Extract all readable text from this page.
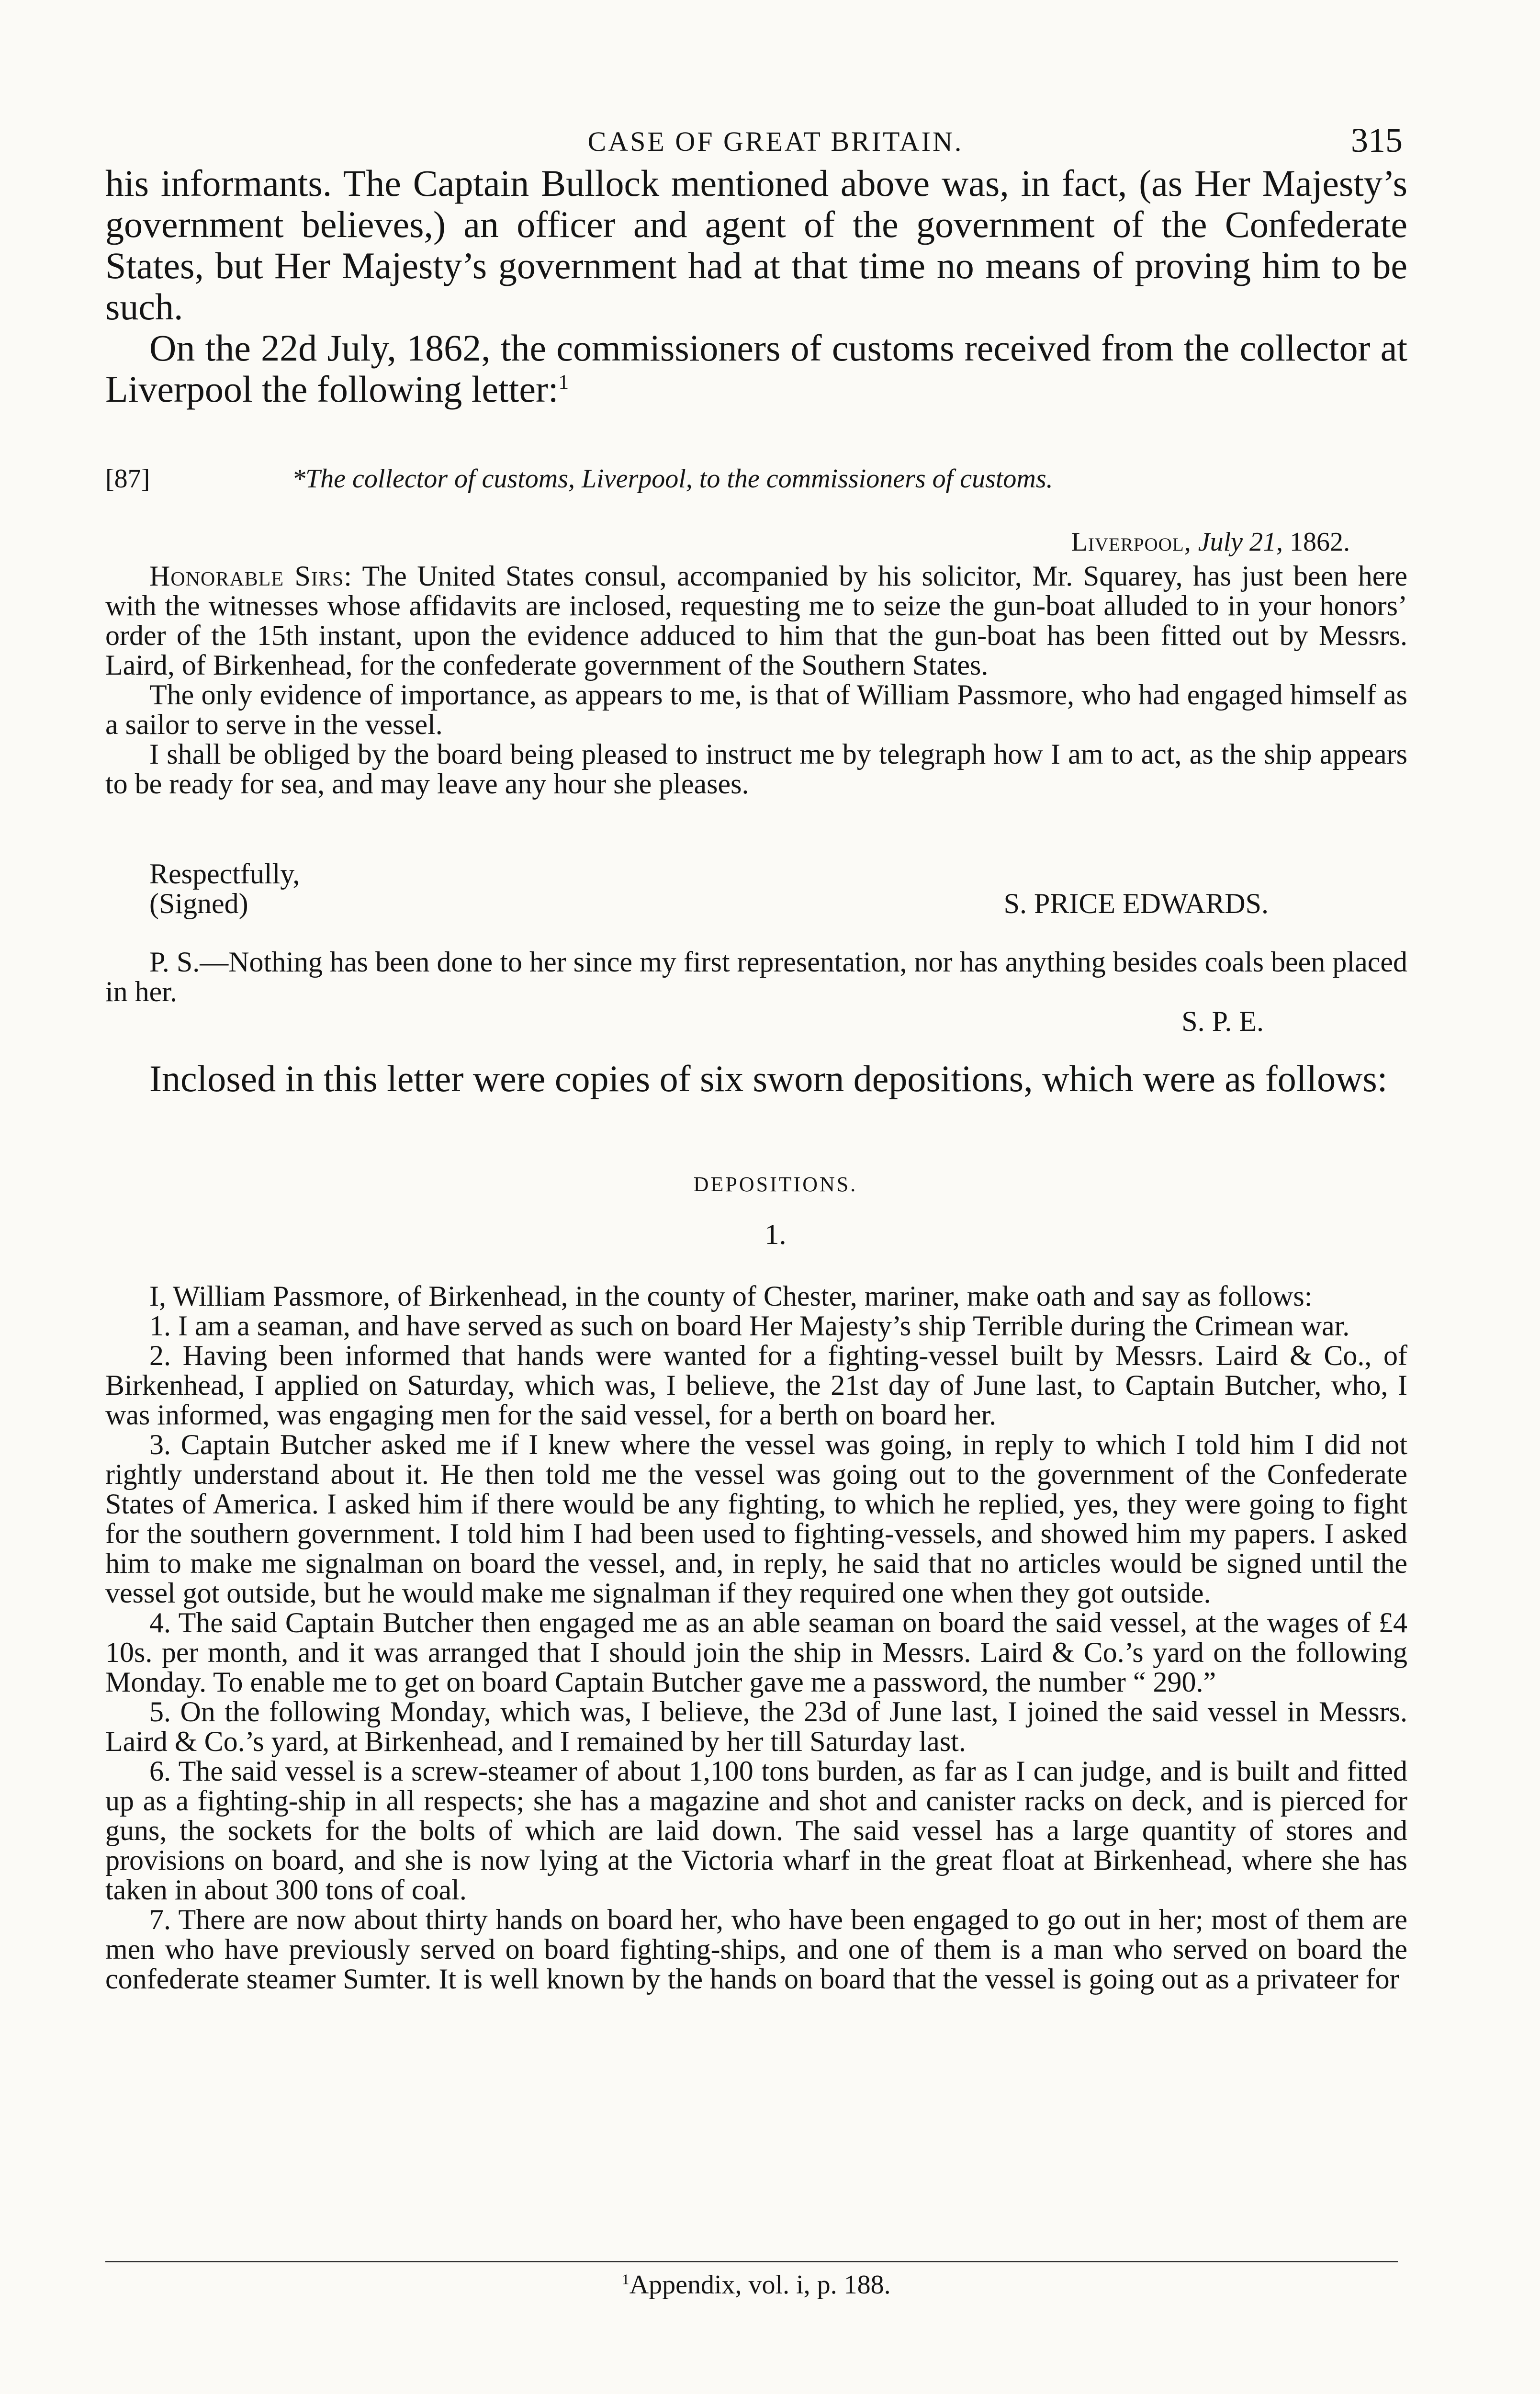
CASE OF GREAT BRITAIN.	315

his informants. The Captain Bullock mentioned above was, in fact, (as Her Majesty’s government believes,) an officer and agent of the government of the Confederate States, but Her Majesty’s government had at that time no means of proving him to be such.

On the 22d July, 1862, the commissioners of customs received from the collector at Liverpool the following letter:$^1$

[87]	*The collector of customs, Liverpool, to the commissioners of customs.
Liverpool, July 21, 1862.

Honorable Sirs: The United States consul, accompanied by his solicitor, Mr. Squarey, has just been here with the witnesses whose affidavits are inclosed, requesting me to seize the gun-boat alluded to in your honors’ order of the 15th instant, upon the evidence adduced to him that the gun-boat has been fitted out by Messrs. Laird, of Birkenhead, for the confederate government of the Southern States.

The only evidence of importance, as appears to me, is that of William Passmore, who had engaged himself as a sailor to serve in the vessel.

I shall be obliged by the board being pleased to instruct me by telegraph how I am to act, as the ship appears to be ready for sea, and may leave any hour she pleases.

Respectfully,
(Signed)	S. PRICE EDWARDS.

P. S.—Nothing has been done to her since my first representation, nor has anything besides coals been placed in her.

S. P. E.

Inclosed in this letter were copies of six sworn depositions, which were as follows:

DEPOSITIONS.
1.

I, William Passmore, of Birkenhead, in the county of Chester, mariner, make oath and say as follows:

1. I am a seaman, and have served as such on board Her Majesty’s ship Terrible during the Crimean war.

2. Having been informed that hands were wanted for a fighting-vessel built by Messrs. Laird & Co., of Birkenhead, I applied on Saturday, which was, I believe, the 21st day of June last, to Captain Butcher, who, I was informed, was engaging men for the said vessel, for a berth on board her.

3. Captain Butcher asked me if I knew where the vessel was going, in reply to which I told him I did not rightly understand about it. He then told me the vessel was going out to the government of the Confederate States of America. I asked him if there would be any fighting, to which he replied, yes, they were going to fight for the southern government. I told him I had been used to fighting-vessels, and showed him my papers. I asked him to make me signalman on board the vessel, and, in reply, he said that no articles would be signed until the vessel got outside, but he would make me signalman if they required one when they got outside.

4. The said Captain Butcher then engaged me as an able seaman on board the said vessel, at the wages of £4 10s. per month, and it was arranged that I should join the ship in Messrs. Laird & Co.’s yard on the following Monday. To enable me to get on board Captain Butcher gave me a password, the number “ 290.”

5. On the following Monday, which was, I believe, the 23d of June last, I joined the said vessel in Messrs. Laird & Co.’s yard, at Birkenhead, and I remained by her till Saturday last.

6. The said vessel is a screw-steamer of about 1,100 tons burden, as far as I can judge, and is built and fitted up as a fighting-ship in all respects; she has a magazine and shot and canister racks on deck, and is pierced for guns, the sockets for the bolts of which are laid down. The said vessel has a large quantity of stores and provisions on board, and she is now lying at the Victoria wharf in the great float at Birkenhead, where she has taken in about 300 tons of coal.

7. There are now about thirty hands on board her, who have been engaged to go out in her; most of them are men who have previously served on board fighting-ships, and one of them is a man who served on board the confederate steamer Sumter. It is well known by the hands on board that the vessel is going out as a privateer for

$^1$Appendix, vol. i, p. 188.
